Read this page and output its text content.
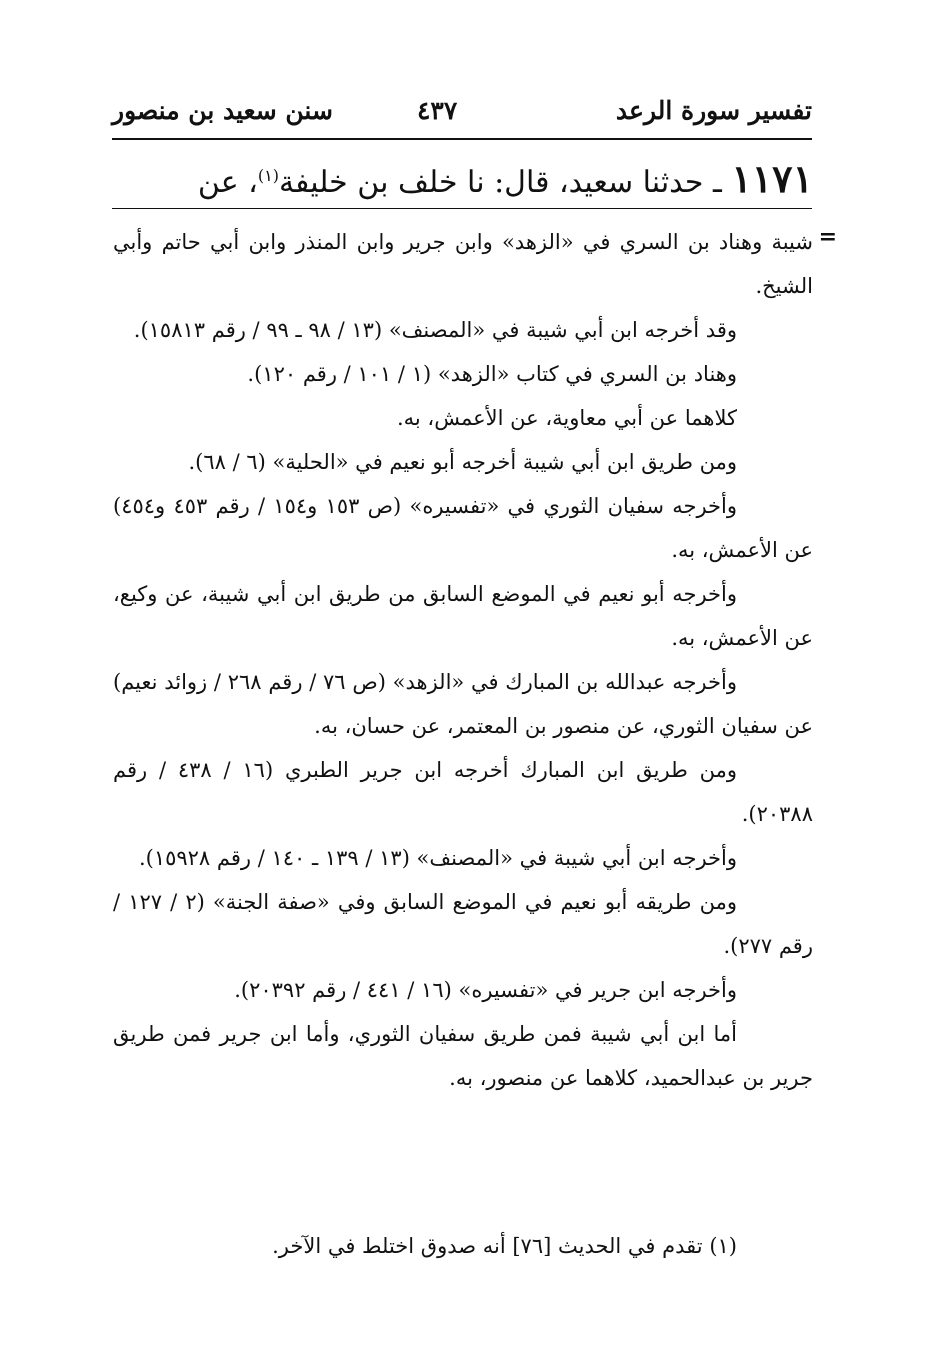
تفسير سورة الرعد
٤٣٧
سنن سعيد بن منصور
١١٧١ ـ حدثنا سعيد، قال: نا خلف بن خليفة$^{(١)}$، عن
=

شيبة وهناد بن السري في «الزهد» وابن جرير وابن المنذر وابن أبي حاتم وأبي الشيخ.

وقد أخرجه ابن أبي شيبة في «المصنف» (١٣ / ٩٨ ـ ٩٩ / رقم ١٥٨١٣).

وهناد بن السري في كتاب «الزهد» (١ / ١٠١ / رقم ١٢٠).

كلاهما عن أبي معاوية، عن الأعمش، به.

ومن طريق ابن أبي شيبة أخرجه أبو نعيم في «الحلية» (٦ / ٦٨).

وأخرجه سفيان الثوري في «تفسيره» (ص ١٥٣ و١٥٤ / رقم ٤٥٣ و٤٥٤) عن الأعمش، به.

وأخرجه أبو نعيم في الموضع السابق من طريق ابن أبي شيبة، عن وكيع، عن الأعمش، به.

وأخرجه عبدالله بن المبارك في «الزهد» (ص ٧٦ / رقم ٢٦٨ / زوائد نعيم) عن سفيان الثوري، عن منصور بن المعتمر، عن حسان، به.

ومن طريق ابن المبارك أخرجه ابن جرير الطبري (١٦ / ٤٣٨ / رقم ٢٠٣٨٨).

وأخرجه ابن أبي شيبة في «المصنف» (١٣ / ١٣٩ ـ ١٤٠ / رقم ١٥٩٢٨).

ومن طريقه أبو نعيم في الموضع السابق وفي «صفة الجنة» (٢ / ١٢٧ / رقم ٢٧٧).

وأخرجه ابن جرير في «تفسيره» (١٦ / ٤٤١ / رقم ٢٠٣٩٢).

أما ابن أبي شيبة فمن طريق سفيان الثوري، وأما ابن جرير فمن طريق جرير بن عبدالحميد، كلاهما عن منصور، به.

(١) تقدم في الحديث [٧٦] أنه صدوق اختلط في الآخر.
